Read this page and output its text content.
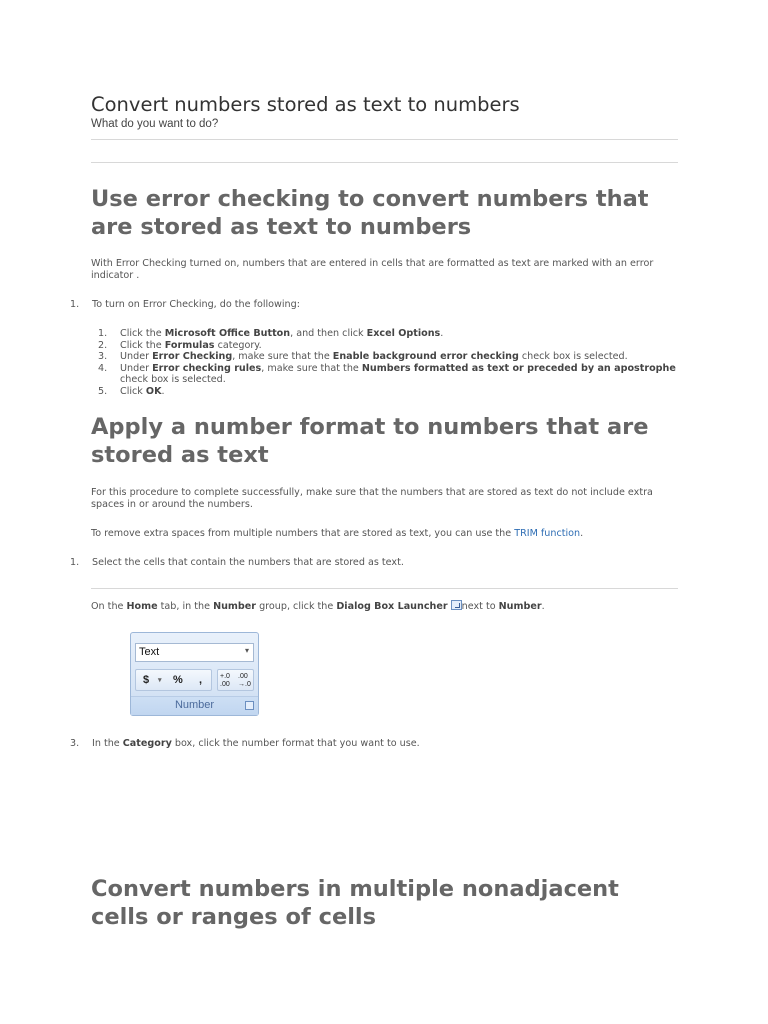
Convert numbers stored as text to numbers
What do you want to do?
Use error checking to convert numbers that
are stored as text to numbers
With Error Checking turned on, numbers that are entered in cells that are formatted as text are marked with an error
indicator .
1. To turn on Error Checking, do the following:
1. Click the Microsoft Office Button, and then click Excel Options.
2. Click the Formulas category.
3. Under Error Checking, make sure that the Enable background error checking check box is selected.
4. Under Error checking rules, make sure that the Numbers formatted as text or preceded by an apostrophe
check box is selected.
5. Click OK.
Apply a number format to numbers that are
stored as text
For this procedure to complete successfully, make sure that the numbers that are stored as text do not include extra
spaces in or around the numbers.
To remove extra spaces from multiple numbers that are stored as text, you can use the TRIM function.
1. Select the cells that contain the numbers that are stored as text.
On the Home tab, in the Number group, click the Dialog Box Launcher next to Number.
Text	▾
$ ▾ % ,	+.0 .00
.00 →.0
Number
3. In the Category box, click the number format that you want to use.
Convert numbers in multiple nonadjacent
cells or ranges of cells
